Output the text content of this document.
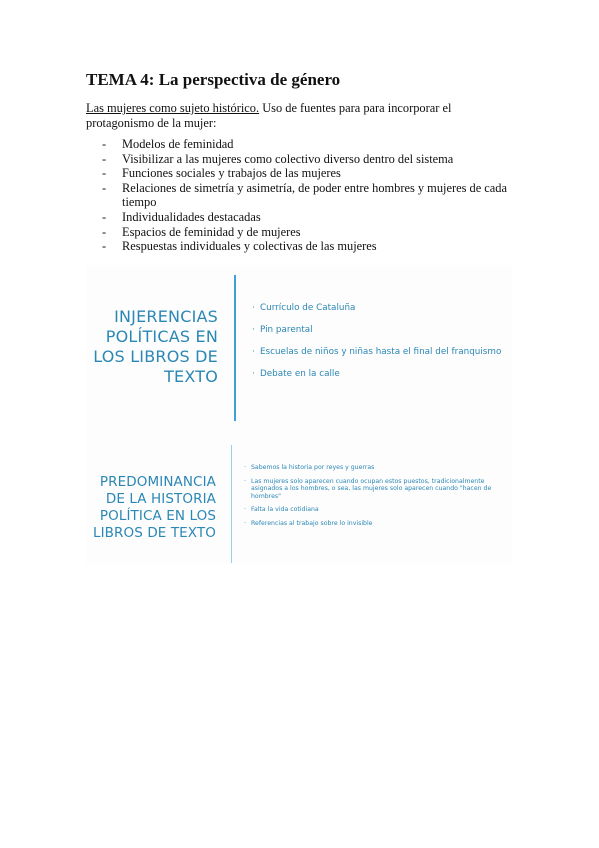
TEMA 4: La perspectiva de género
Las mujeres como sujeto histórico. Uso de fuentes para para incorporar el protagonismo de la mujer:
- Modelos de feminidad
- Visibilizar a las mujeres como colectivo diverso dentro del sistema
- Funciones sociales y trabajos de las mujeres
- Relaciones de simetría y asimetría, de poder entre hombres y mujeres de cada tiempo
- Individualidades destacadas
- Espacios de feminidad y de mujeres
- Respuestas individuales y colectivas de las mujeres
INJERENCIAS POLÍTICAS EN LOS LIBROS DE TEXTO
· Currículo de Cataluña
· Pin parental
· Escuelas de niños y niñas hasta el final del franquismo
· Debate en la calle
PREDOMINANCIA DE LA HISTORIA POLÍTICA EN LOS LIBROS DE TEXTO
· Sabemos la historia por reyes y guerras
· Las mujeres solo aparecen cuando ocupan estos puestos, tradicionalmente asignados a los hombres, o sea, las mujeres solo aparecen cuando "hacen de hombres"
· Falta la vida cotidiana
· Referencias al trabajo sobre lo invisible
